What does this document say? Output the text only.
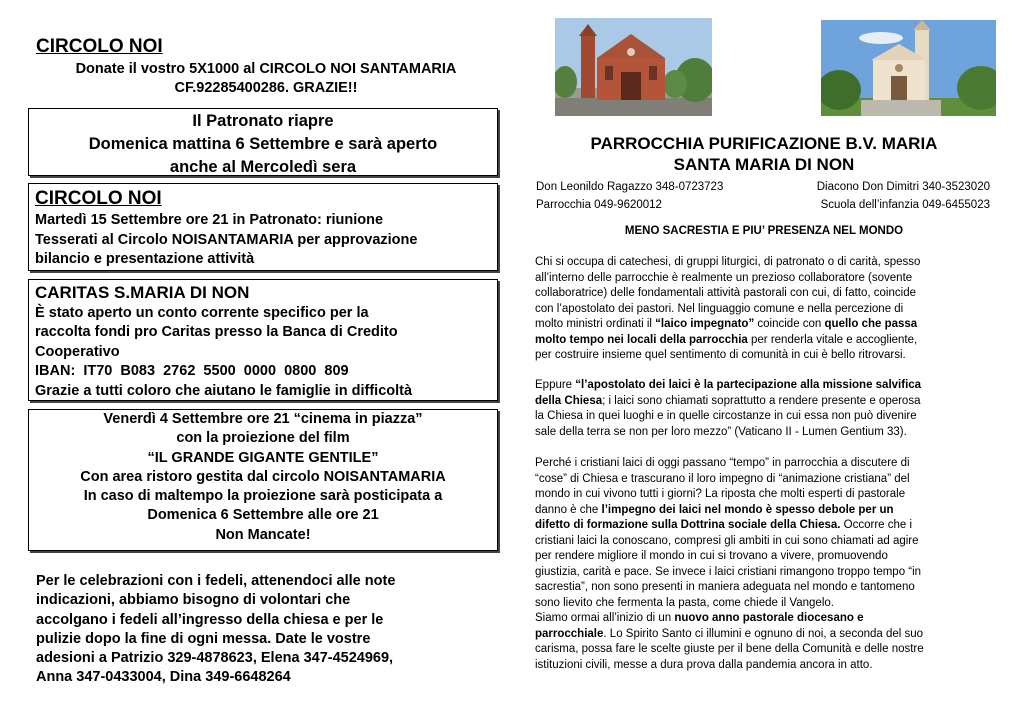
CIRCOLO NOI
Donate il vostro 5X1000 al CIRCOLO NOI SANTAMARIA
CF.92285400286. GRAZIE!!
Il Patronato riapre
Domenica mattina 6 Settembre e sarà aperto
anche al Mercoledì sera
CIRCOLO NOI
Martedì 15 Settembre ore 21 in Patronato: riunione
Tesserati al Circolo NOISANTAMARIA per approvazione
bilancio e presentazione attività
CARITAS S.MARIA DI NON
È stato aperto un conto corrente specifico per la
raccolta fondi pro Caritas presso la Banca di Credito
Cooperativo
IBAN:  IT70  B083  2762  5500  0000  0800  809
Grazie a tutti coloro che aiutano le famiglie in difficoltà
Venerdì 4 Settembre ore 21 “cinema in piazza”
con la proiezione del film
“IL GRANDE GIGANTE GENTILE”
Con area ristoro gestita dal circolo NOISANTAMARIA
In caso di maltempo la proiezione sarà posticipata a
Domenica 6 Settembre alle ore 21
Non Mancate!
Per le celebrazioni con i fedeli, attenendoci alle note
indicazioni, abbiamo bisogno di volontari che
accolgano i fedeli all’ingresso della chiesa e per le
pulizie dopo la fine di ogni messa. Date le vostre
adesioni a Patrizio 329-4878623, Elena 347-4524969,
Anna 347-0433004, Dina 349-6648264
PARROCCHIA PURIFICAZIONE B.V. MARIA
SANTA MARIA DI NON
Don Leonildo Ragazzo 348-0723723	Diacono Don Dimitri 340-3523020
Parrocchia 049-9620012	Scuola dell’infanzia 049-6455023
MENO SACRESTIA E PIU’ PRESENZA NEL MONDO
Chi si occupa di catechesi, di gruppi liturgici, di patronato o di carità, spesso
all’interno delle parrocchie è realmente un prezioso collaboratore (sovente
collaboratrice) delle fondamentali attività pastorali con cui, di fatto, coincide
con l’apostolato dei pastori. Nel linguaggio comune e nella percezione di
molto ministri ordinati il “laico impegnato” coincide con quello che passa
molto tempo nei locali della parrocchia per renderla vitale e accogliente,
per costruire insieme quel sentimento di comunità in cui è bello ritrovarsi.
Eppure “l’apostolato dei laici è la partecipazione alla missione salvifica
della Chiesa; i laici sono chiamati soprattutto a rendere presente e operosa
la Chiesa in quei luoghi e in quelle circostanze in cui essa non può divenire
sale della terra se non per loro mezzo” (Vaticano II - Lumen Gentium 33).
Perché i cristiani laici di oggi passano “tempo” in parrocchia a discutere di
“cose” di Chiesa e trascurano il loro impegno di “animazione cristiana” del
mondo in cui vivono tutti i giorni? La riposta che molti esperti di pastorale
danno è che l’impegno dei laici nel mondo è spesso debole per un
difetto di formazione sulla Dottrina sociale della Chiesa. Occorre che i
cristiani laici la conoscano, compresi gli ambiti in cui sono chiamati ad agire
per rendere migliore il mondo in cui si trovano a vivere, promuovendo
giustizia, carità e pace. Se invece i laici cristiani rimangono troppo tempo “in
sacrestia”, non sono presenti in maniera adeguata nel mondo e tantomeno
sono lievito che fermenta la pasta, come chiede il Vangelo.
Siamo ormai all’inizio di un nuovo anno pastorale diocesano e
parrocchiale. Lo Spirito Santo ci illumini e ognuno di noi, a seconda del suo
carisma, possa fare le scelte giuste per il bene della Comunità e delle nostre
istituzioni civili, messe a dura prova dalla pandemia ancora in atto.
